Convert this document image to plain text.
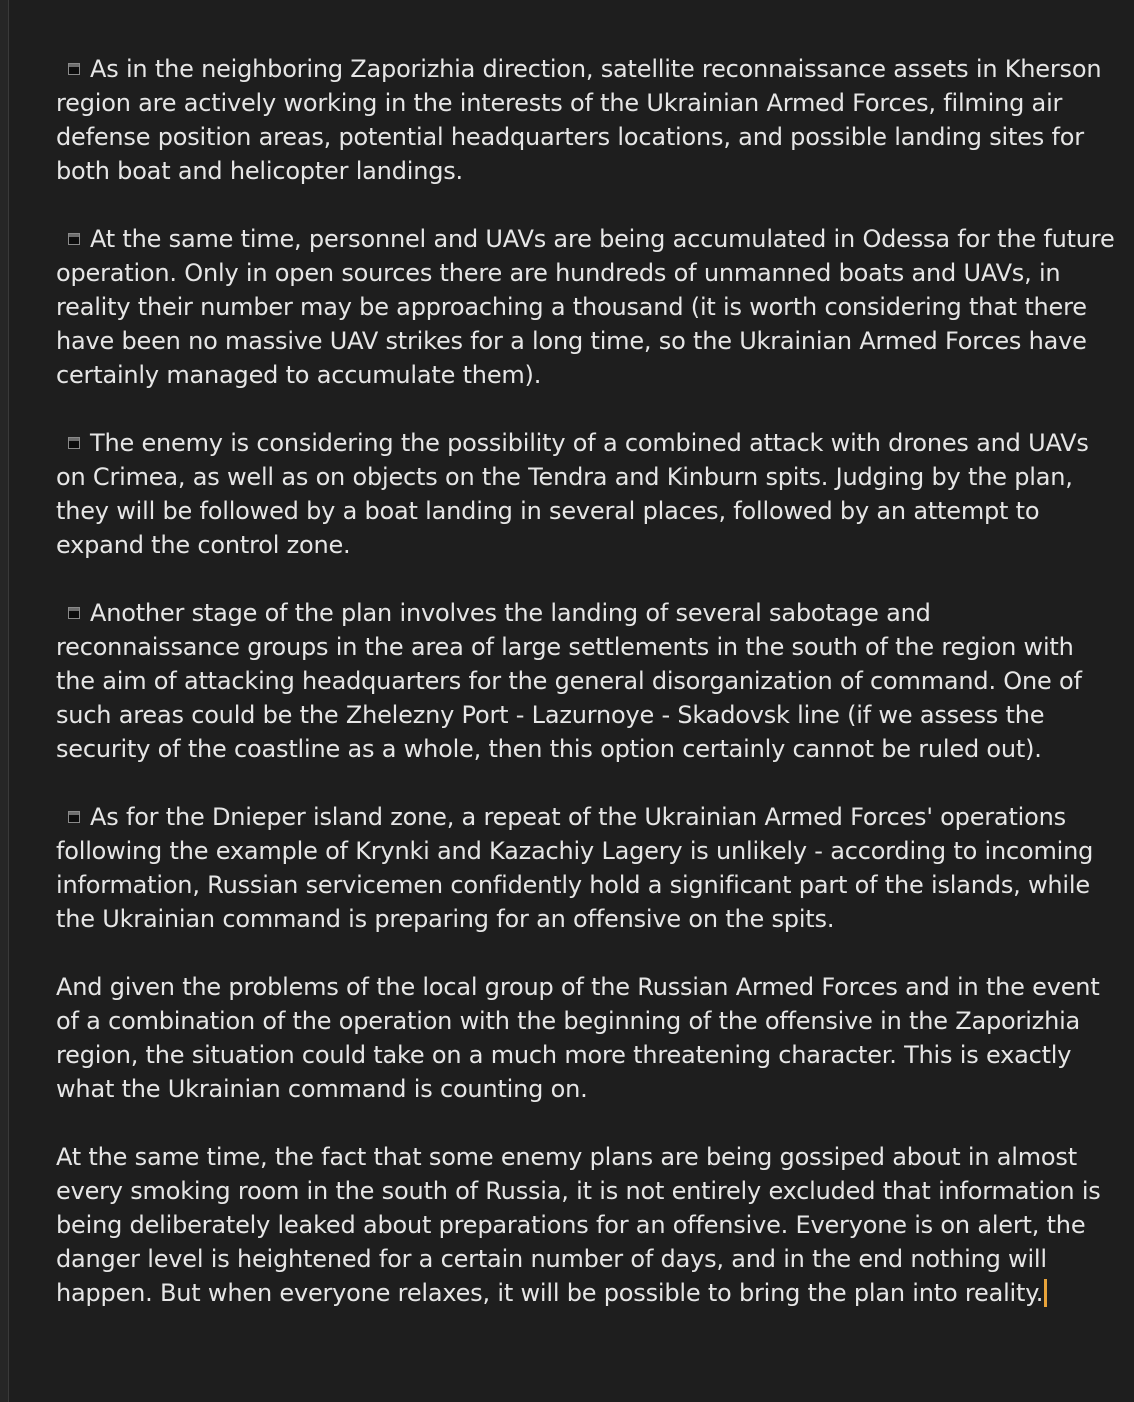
As in the neighboring Zaporizhia direction, satellite reconnaissance assets in Kherson region are actively working in the interests of the Ukrainian Armed Forces, filming air defense position areas, potential headquarters locations, and possible landing sites for both boat and helicopter landings.

At the same time, personnel and UAVs are being accumulated in Odessa for the future operation. Only in open sources there are hundreds of unmanned boats and UAVs, in reality their number may be approaching a thousand (it is worth considering that there have been no massive UAV strikes for a long time, so the Ukrainian Armed Forces have certainly managed to accumulate them).

The enemy is considering the possibility of a combined attack with drones and UAVs on Crimea, as well as on objects on the Tendra and Kinburn spits. Judging by the plan, they will be followed by a boat landing in several places, followed by an attempt to expand the control zone.

Another stage of the plan involves the landing of several sabotage and reconnaissance groups in the area of large settlements in the south of the region with the aim of attacking headquarters for the general disorganization of command. One of such areas could be the Zhelezny Port - Lazurnoye - Skadovsk line (if we assess the security of the coastline as a whole, then this option certainly cannot be ruled out).

As for the Dnieper island zone, a repeat of the Ukrainian Armed Forces' operations following the example of Krynki and Kazachiy Lagery is unlikely - according to incoming information, Russian servicemen confidently hold a significant part of the islands, while the Ukrainian command is preparing for an offensive on the spits.

And given the problems of the local group of the Russian Armed Forces and in the event of a combination of the operation with the beginning of the offensive in the Zaporizhia region, the situation could take on a much more threatening character. This is exactly what the Ukrainian command is counting on.

At the same time, the fact that some enemy plans are being gossiped about in almost every smoking room in the south of Russia, it is not entirely excluded that information is being deliberately leaked about preparations for an offensive. Everyone is on alert, the danger level is heightened for a certain number of days, and in the end nothing will happen. But when everyone relaxes, it will be possible to bring the plan into reality.
